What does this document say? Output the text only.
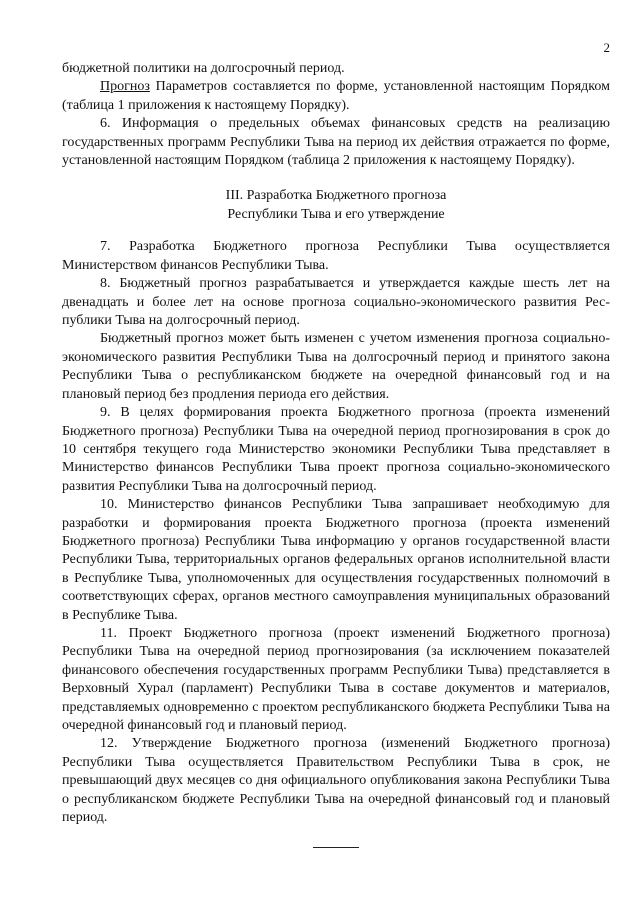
2

бюджетной политики на долгосрочный период.

Прогноз Параметров составляется по форме, установленной настоящим Порядком (таблица 1 приложения к настоящему Порядку).

6. Информация о предельных объемах финансовых средств на реализацию государственных программ Республики Тыва на период их действия отражается по форме, установленной настоящим Порядком (таблица 2 приложения к настоящему Порядку).

III. Разработка Бюджетного прогноза
Республики Тыва и его утверждение

7. Разработка Бюджетного прогноза Республики Тыва осуществляется Министерством финансов Республики Тыва.

8. Бюджетный прогноз разрабатывается и утверждается каждые шесть лет на двенадцать и более лет на основе прогноза социально-экономического развития Республики Тыва на долгосрочный период.

Бюджетный прогноз может быть изменен с учетом изменения прогноза социально-экономического развития Республики Тыва на долгосрочный период и принятого закона Республики Тыва о республиканском бюджете на очередной финансовый год и на плановый период без продления периода его действия.

9. В целях формирования проекта Бюджетного прогноза (проекта изменений Бюджетного прогноза) Республики Тыва на очередной период прогнозирования в срок до 10 сентября текущего года Министерство экономики Республики Тыва представляет в Министерство финансов Республики Тыва проект прогноза социально-экономического развития Республики Тыва на долгосрочный период.

10. Министерство финансов Республики Тыва запрашивает необходимую для разработки и формирования проекта Бюджетного прогноза (проекта изменений Бюджетного прогноза) Республики Тыва информацию у органов государственной власти Республики Тыва, территориальных органов федеральных органов исполнительной власти в Республике Тыва, уполномоченных для осуществления государственных полномочий в соответствующих сферах, органов местного самоуправления муниципальных образований в Республике Тыва.

11. Проект Бюджетного прогноза (проект изменений Бюджетного прогноза) Республики Тыва на очередной период прогнозирования (за исключением показателей финансового обеспечения государственных программ Республики Тыва) представляется в Верховный Хурал (парламент) Республики Тыва в составе документов и материалов, представляемых одновременно с проектом республиканского бюджета Республики Тыва на очередной финансовый год и плановый период.

12. Утверждение Бюджетного прогноза (изменений Бюджетного прогноза) Республики Тыва осуществляется Правительством Республики Тыва в срок, не превышающий двух месяцев со дня официального опубликования закона Республики Тыва о республиканском бюджете Республики Тыва на очередной финансовый год и плановый период.
